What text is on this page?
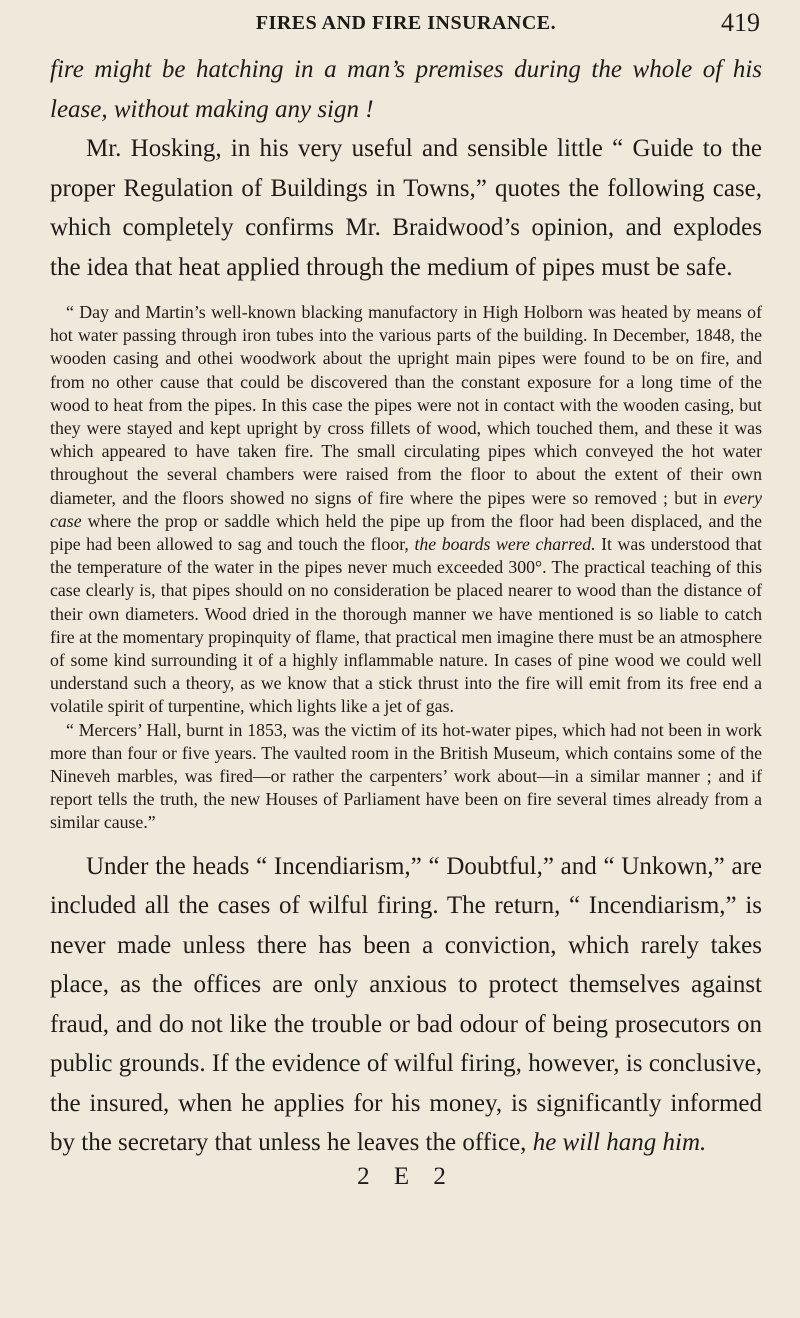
FIRES AND FIRE INSURANCE.	419

fire might be hatching in a man’s premises during the whole of his lease, without making any sign !

Mr. Hosking, in his very useful and sensible little “ Guide to the proper Regulation of Buildings in Towns,” quotes the following case, which completely confirms Mr. Braidwood’s opinion, and explodes the idea that heat applied through the medium of pipes must be safe.

“ Day and Martin’s well-known blacking manufactory in High Holborn was heated by means of hot water passing through iron tubes into the various parts of the building. In December, 1848, the wooden casing and othei woodwork about the upright main pipes were found to be on fire, and from no other cause that could be discovered than the constant exposure for a long time of the wood to heat from the pipes. In this case the pipes were not in contact with the wooden casing, but they were stayed and kept upright by cross fillets of wood, which touched them, and these it was which appeared to have taken fire. The small circulating pipes which conveyed the hot water throughout the several chambers were raised from the floor to about the extent of their own diameter, and the floors showed no signs of fire where the pipes were so removed ; but in every case where the prop or saddle which held the pipe up from the floor had been displaced, and the pipe had been allowed to sag and touch the floor, the boards were charred. It was understood that the temperature of the water in the pipes never much exceeded 300°. The practical teaching of this case clearly is, that pipes should on no consideration be placed nearer to wood than the distance of their own diameters. Wood dried in the thorough manner we have mentioned is so liable to catch fire at the momentary propinquity of flame, that practical men imagine there must be an atmosphere of some kind surrounding it of a highly inflammable nature. In cases of pine wood we could well understand such a theory, as we know that a stick thrust into the fire will emit from its free end a volatile spirit of turpentine, which lights like a jet of gas.

“ Mercers’ Hall, burnt in 1853, was the victim of its hot-water pipes, which had not been in work more than four or five years. The vaulted room in the British Museum, which contains some of the Nineveh marbles, was fired—or rather the carpenters’ work about—in a similar manner ; and if report tells the truth, the new Houses of Parliament have been on fire several times already from a similar cause.”

Under the heads “ Incendiarism,” “ Doubtful,” and “ Unkown,” are included all the cases of wilful firing. The return, “ Incendiarism,” is never made unless there has been a conviction, which rarely takes place, as the offices are only anxious to protect themselves against fraud, and do not like the trouble or bad odour of being prosecutors on public grounds. If the evidence of wilful firing, however, is conclusive, the insured, when he applies for his money, is significantly informed by the secretary that unless he leaves the office, he will hang him.

2 E 2
